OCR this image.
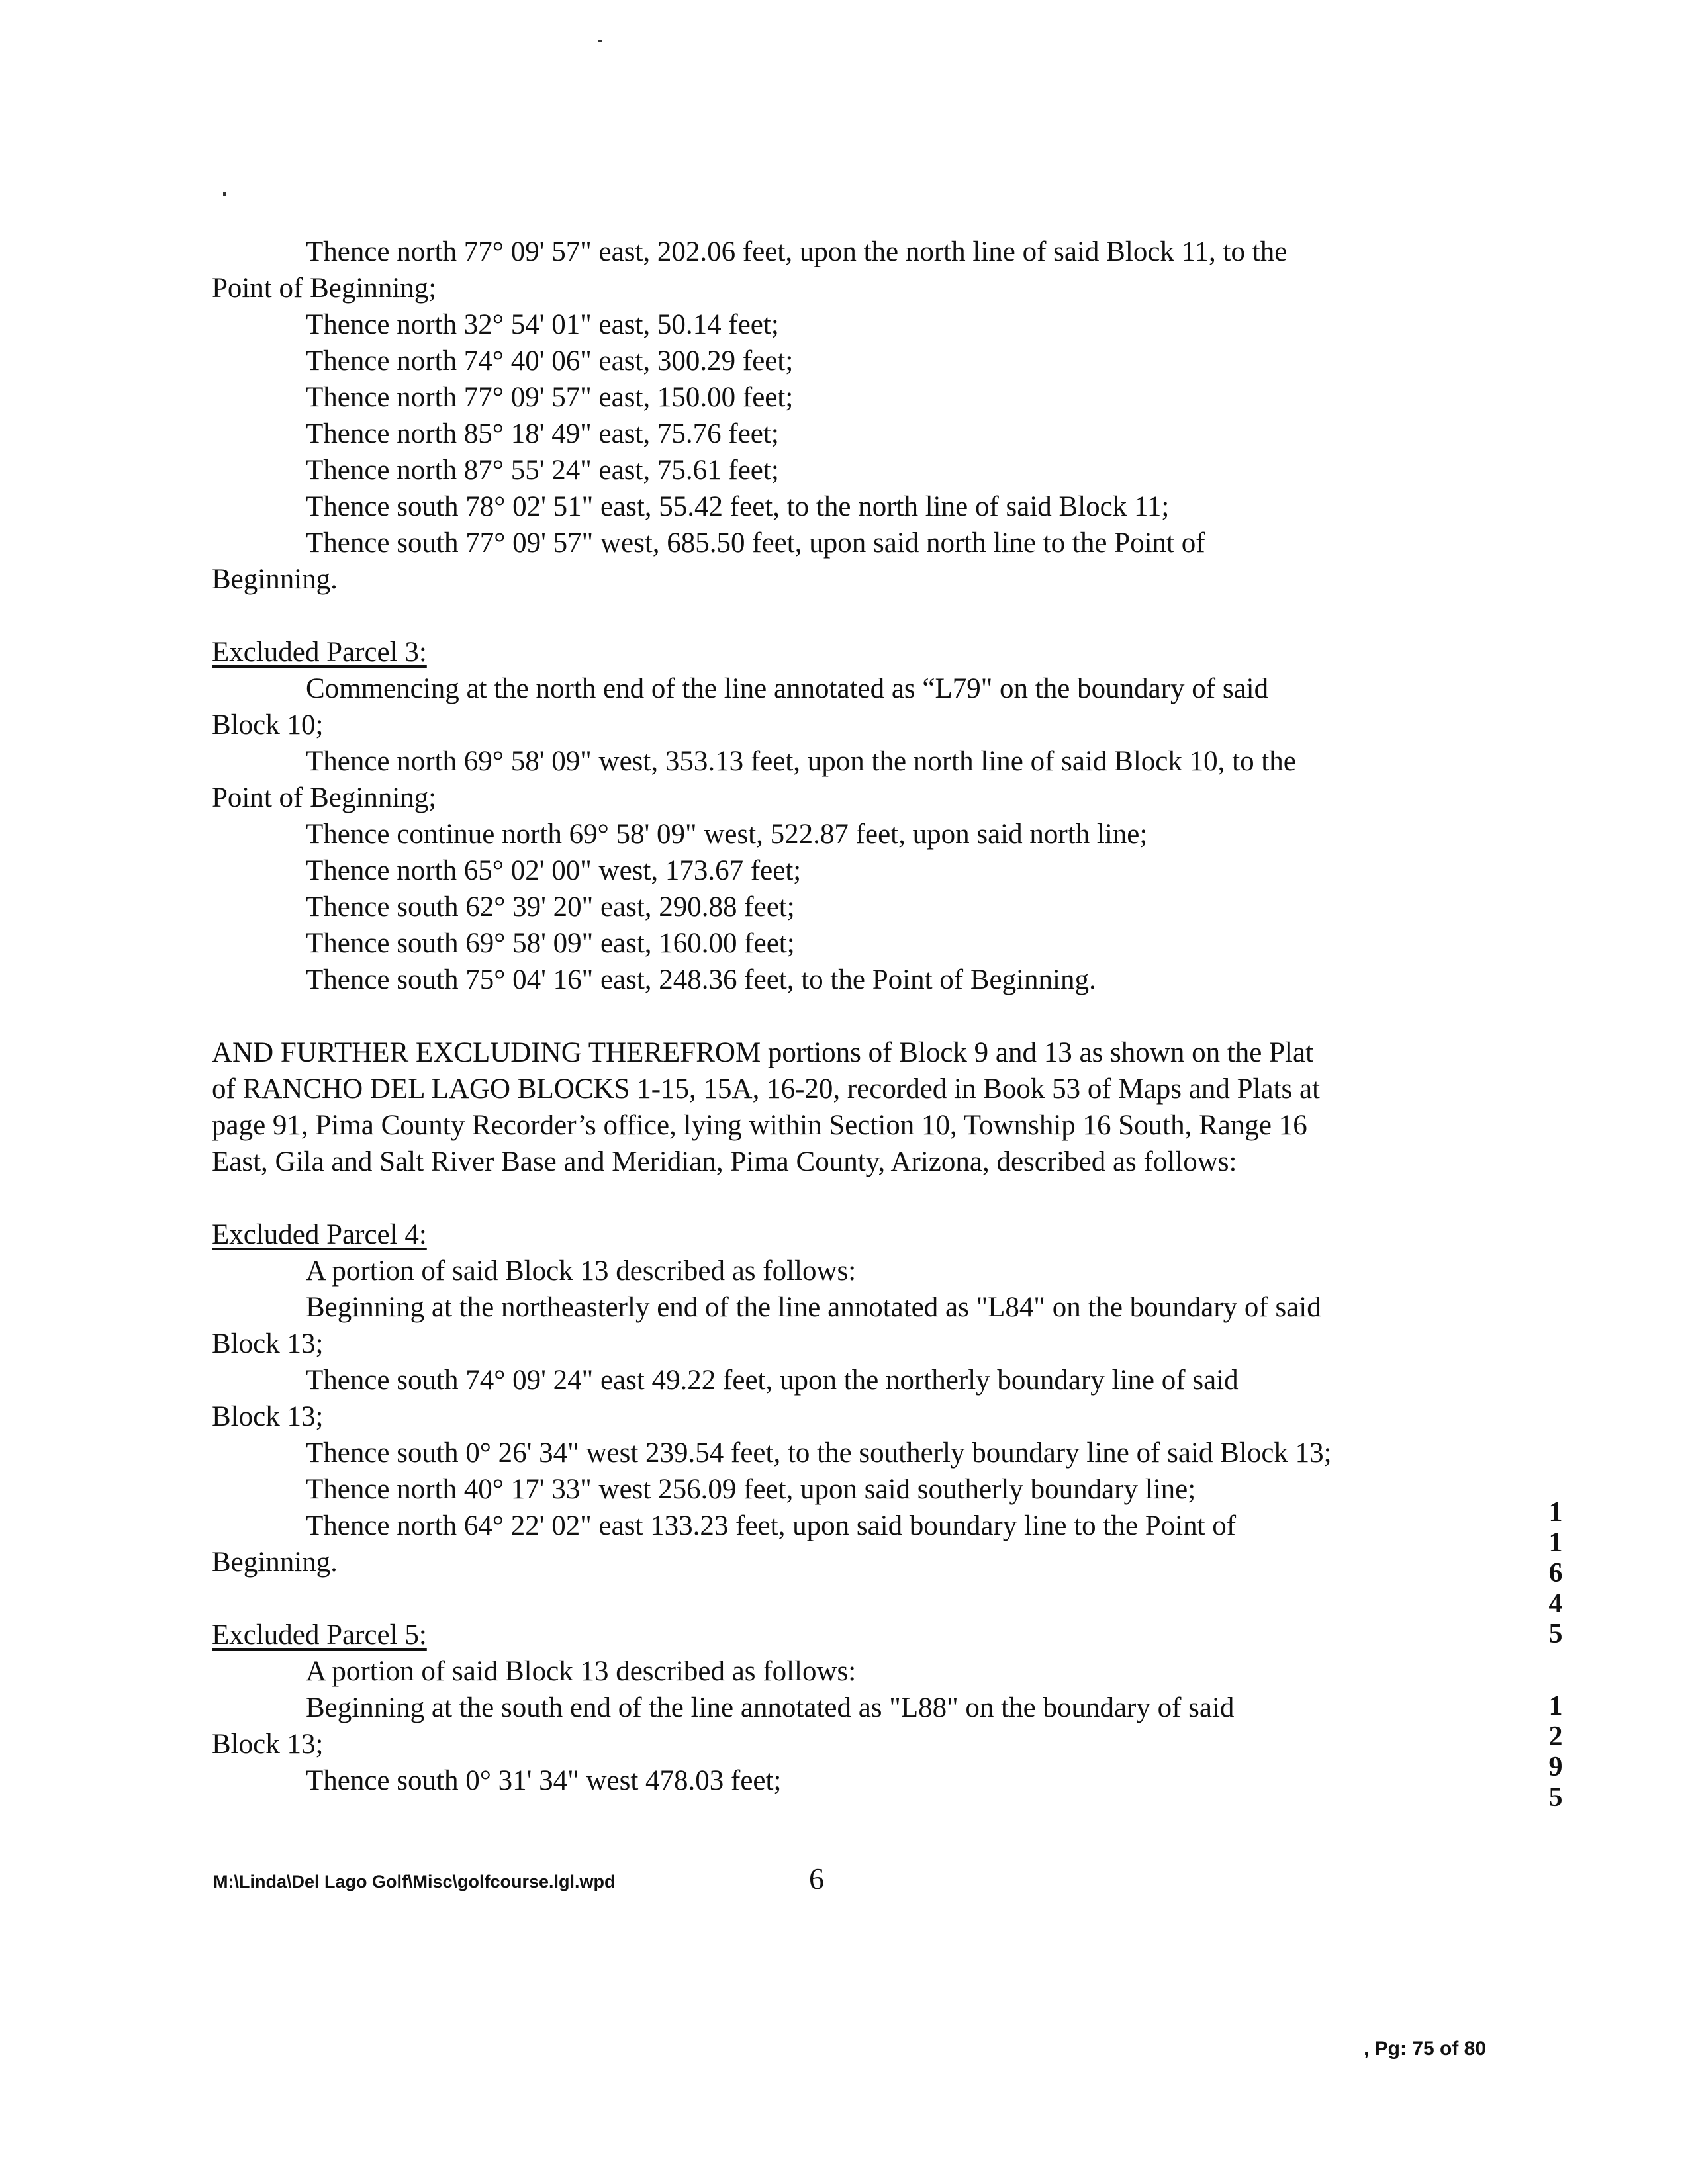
Thence north 77° 09' 57" east, 202.06 feet, upon the north line of said Block 11, to the

Point of Beginning;

Thence north 32° 54' 01" east, 50.14 feet;

Thence north 74° 40' 06" east, 300.29 feet;

Thence north 77° 09' 57" east, 150.00 feet;

Thence north 85° 18' 49" east, 75.76 feet;

Thence north 87° 55' 24" east, 75.61 feet;

Thence south 78° 02' 51" east, 55.42 feet, to the north line of said Block 11;

Thence south 77° 09' 57" west, 685.50 feet, upon said north line to the Point of

Beginning.

Excluded Parcel 3:

Commencing at the north end of the line annotated as “L79" on the boundary of said

Block 10;

Thence north 69° 58' 09" west, 353.13 feet, upon the north line of said Block 10, to the

Point of Beginning;

Thence continue north 69° 58' 09" west, 522.87 feet, upon said north line;

Thence north 65° 02' 00" west, 173.67 feet;

Thence south 62° 39' 20" east, 290.88 feet;

Thence south 69° 58' 09" east, 160.00 feet;

Thence south 75° 04' 16" east, 248.36 feet, to the Point of Beginning.

AND FURTHER EXCLUDING THEREFROM portions of Block 9 and 13 as shown on the Plat

of RANCHO DEL LAGO BLOCKS 1-15, 15A, 16-20, recorded in Book 53 of Maps and Plats at

page 91, Pima County Recorder’s office, lying within Section 10, Township 16 South, Range 16

East, Gila and Salt River Base and Meridian, Pima County, Arizona, described as follows:

Excluded Parcel 4:

A portion of said Block 13 described as follows:

Beginning at the northeasterly end of the line annotated as "L84" on the boundary of said

Block 13;

Thence south 74° 09' 24" east 49.22 feet, upon the northerly boundary line of said

Block 13;

Thence south 0° 26' 34" west 239.54 feet, to the southerly boundary line of said Block 13;

Thence north 40° 17' 33" west 256.09 feet, upon said southerly boundary line;

Thence north 64° 22' 02" east 133.23 feet, upon said boundary line to the Point of

Beginning.

Excluded Parcel 5:

A portion of said Block 13 described as follows:

Beginning at the south end of the line annotated as "L88" on the boundary of said

Block 13;

Thence south 0° 31' 34" west 478.03 feet;

M:\Linda\Del Lago Golf\Misc\golfcourse.lgl.wpd	6
1
1
6
4
5
1
2
9
5
, Pg: 75 of 80
